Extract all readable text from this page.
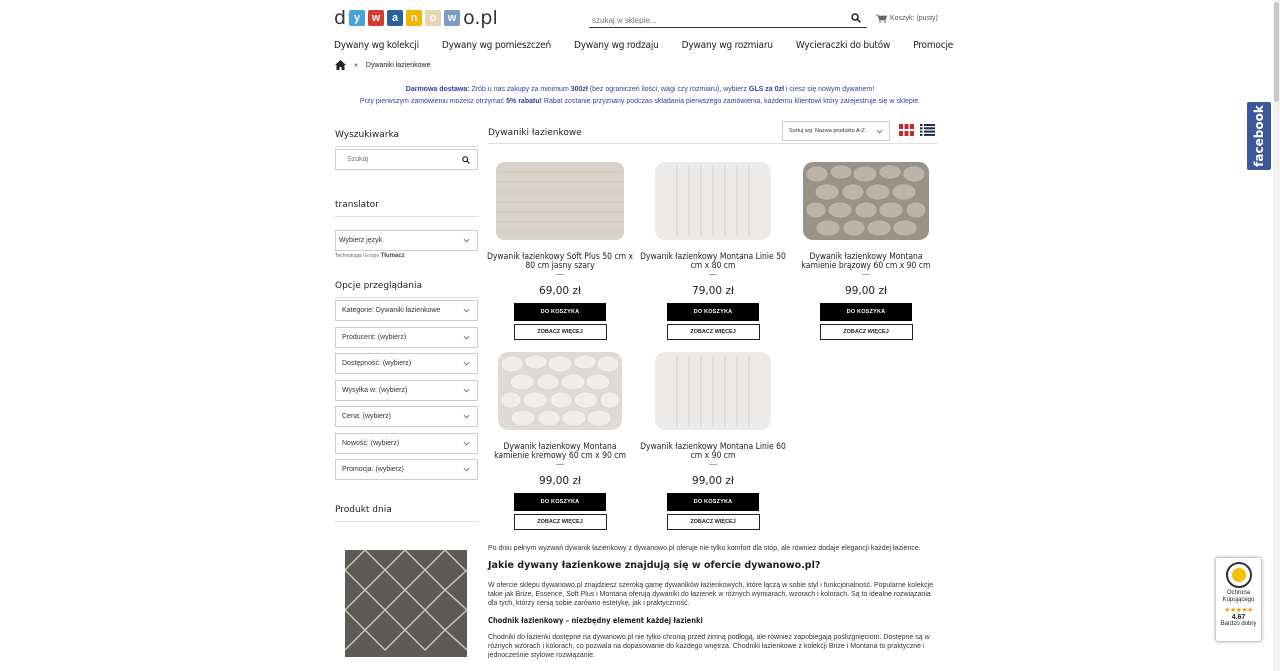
d y	w	a	n	o	w o.pl
szukaj w sklepie...	Koszyk: (pusty)
Dywany wg kolekcji Dywany wg pomieszczeń Dywany wg rodzaju Dywany wg rozmiaru Wycieraczki do butów Promocje
» Dywaniki łazienkowe
Darmowa dostawa: Zrób u nas zakupy za minimum 300zł (bez ograniczeń ilości, wagi czy rozmiaru), wybierz GLS za 0zł i ciesz się nowym dywanem!
Przy pierwszym zamówieniu możesz otrzymać 5% rabatu! Rabat zostanie przyznany podczas składania pierwszego zamówienia, każdemu klientowi który zarejestruje się w sklepie.
Wyszukiwarka
Szukaj
translator
Wybierz język
Technologia Google Tłumacz
Opcje przeglądania
Kategorie: Dywaniki łazienkowe
Producent: (wybierz)
Dostępność: (wybierz)
Wysyłka w: (wybierz)
Cena: (wybierz)
Nowość: (wybierz)
Promocja: (wybierz)
Produkt dnia
Dywaniki łazienkowe	Sortuj wg: Nazwa produktu A-Z
Dywanik łazienkowy Soft Plus 50 cm x 80 cm jasny szary
69,00 zł
DO KOSZYKA
ZOBACZ WIĘCEJ
Dywanik łazienkowy Montana Linie 50 cm x 80 cm
79,00 zł
DO KOSZYKA
ZOBACZ WIĘCEJ
Dywanik łazienkowy Montana kamienie brązowy 60 cm x 90 cm
99,00 zł
DO KOSZYKA
ZOBACZ WIĘCEJ
Dywanik łazienkowy Montana kamienie kremowy 60 cm x 90 cm
99,00 zł
DO KOSZYKA
ZOBACZ WIĘCEJ
Dywanik łazienkowy Montana Linie 60 cm x 90 cm
99,00 zł
DO KOSZYKA
ZOBACZ WIĘCEJ
Po dniu pełnym wyzwań dywanik łazienkowy z dywanowo.pl oferuje nie tylko komfort dla stóp, ale również dodaje elegancji każdej łazience.
Jakie dywany łazienkowe znajdują się w ofercie dywanowo.pl?
W ofercie sklepu dywanowo.pl znajdziesz szeroką gamę dywaników łazienkowych, które łączą w sobie styl i funkcjonalność. Popularne kolekcje takie jak Brize, Essence, Soft Plus i Montana oferują dywaniki do łazienek w różnych wymiarach, wzorach i kolorach. Są to idealne rozwiązania dla tych, którzy cenią sobie zarówno estetykę, jak i praktyczność.
Chodnik łazienkowy – niezbędny element każdej łazienki
Chodniki do łazienki dostępne na dywanowo.pl nie tylko chronią przed zimną podłogą, ale również zapobiegają poślizgnięciom. Dostępne są w różnych wzorach i kolorach, co pozwala na dopasowanie do każdego wnętrza. Chodniki łazienkowe z kolekcji Brize i Montana to praktyczne i jednocześnie stylowe rozwiązanie.
facebook
Ochrona
Kupującego
★★★★★
4.67
Bardzo dobry
